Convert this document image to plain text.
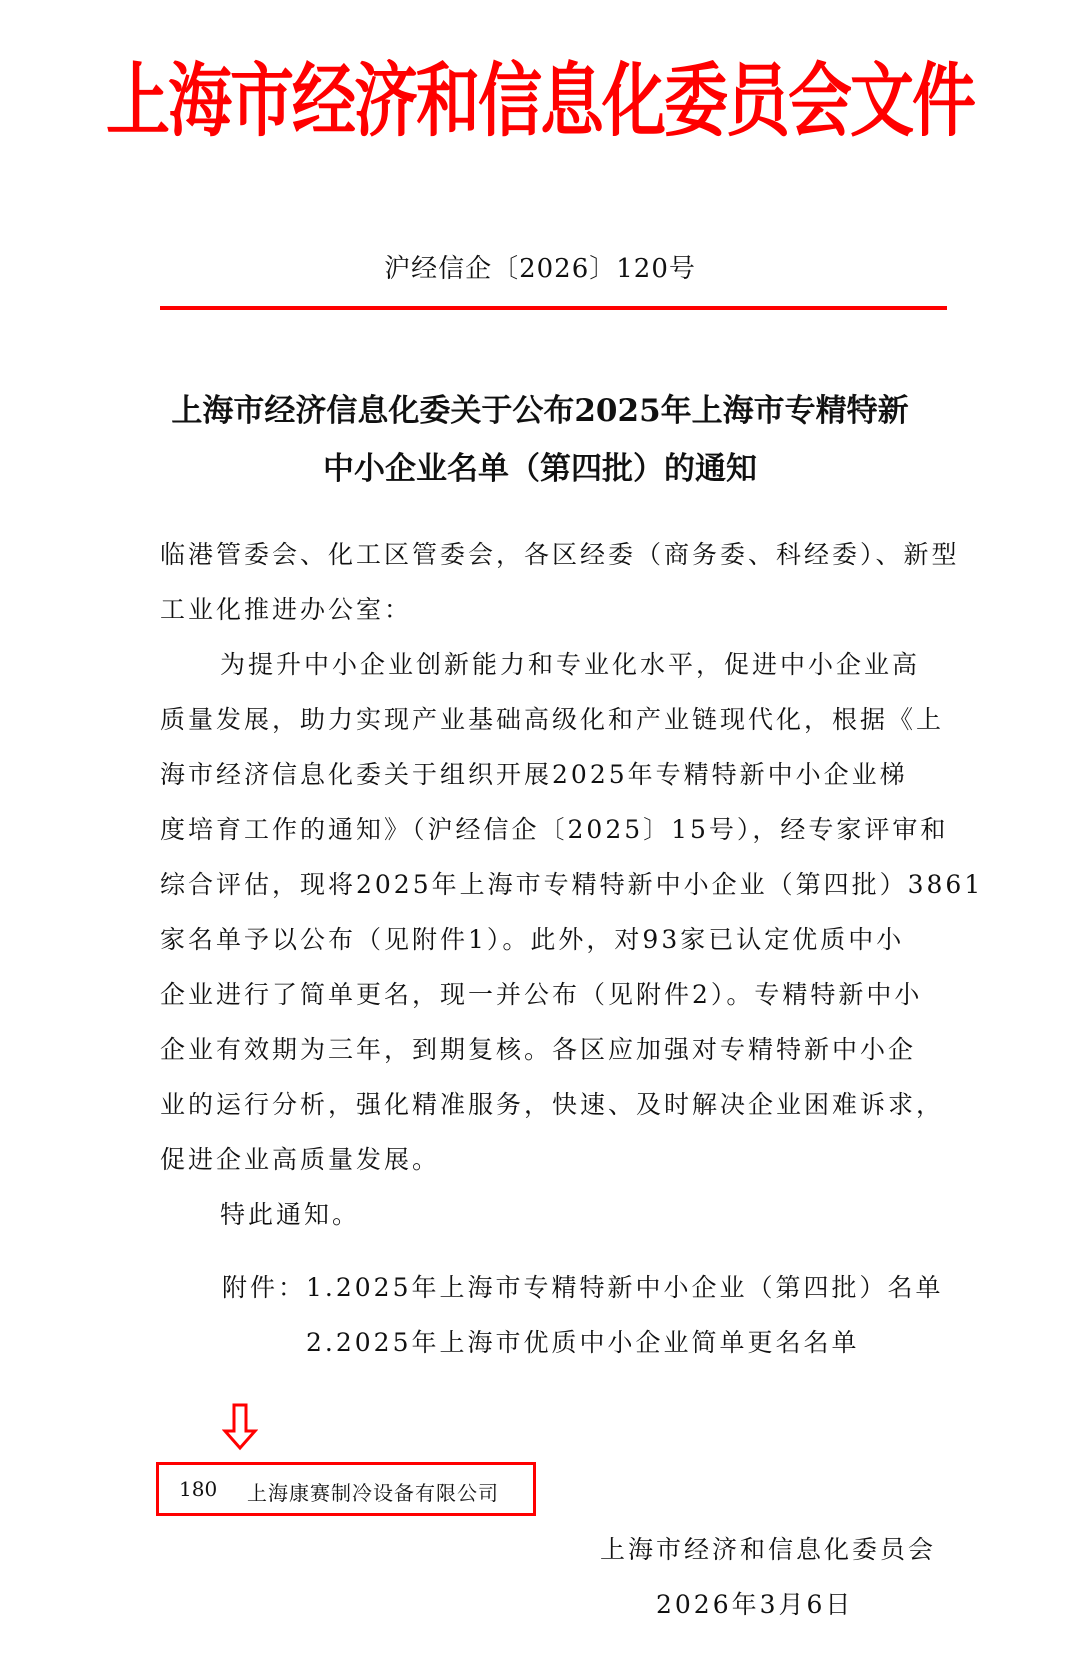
上海市经济和信息化委员会文件
沪经信企〔2026〕120号
上海市经济信息化委关于公布2025年上海市专精特新
中小企业名单（第四批）的通知
临港管委会、化工区管委会，各区经委（商务委、科经委）、新型
工业化推进办公室：
为提升中小企业创新能力和专业化水平，促进中小企业高
质量发展，助力实现产业基础高级化和产业链现代化，根据《上
海市经济信息化委关于组织开展2025年专精特新中小企业梯
度培育工作的通知》（沪经信企〔2025〕15号），经专家评审和
综合评估，现将2025年上海市专精特新中小企业（第四批）3861
家名单予以公布（见附件1）。此外，对93家已认定优质中小
企业进行了简单更名，现一并公布（见附件2）。专精特新中小
企业有效期为三年，到期复核。各区应加强对专精特新中小企
业的运行分析，强化精准服务，快速、及时解决企业困难诉求，
促进企业高质量发展。
特此通知。
附件： 1.2025年上海市专精特新中小企业（第四批）名单
2.2025年上海市优质中小企业简单更名名单
180 上海康赛制冷设备有限公司
上海市经济和信息化委员会
2026年3月6日
